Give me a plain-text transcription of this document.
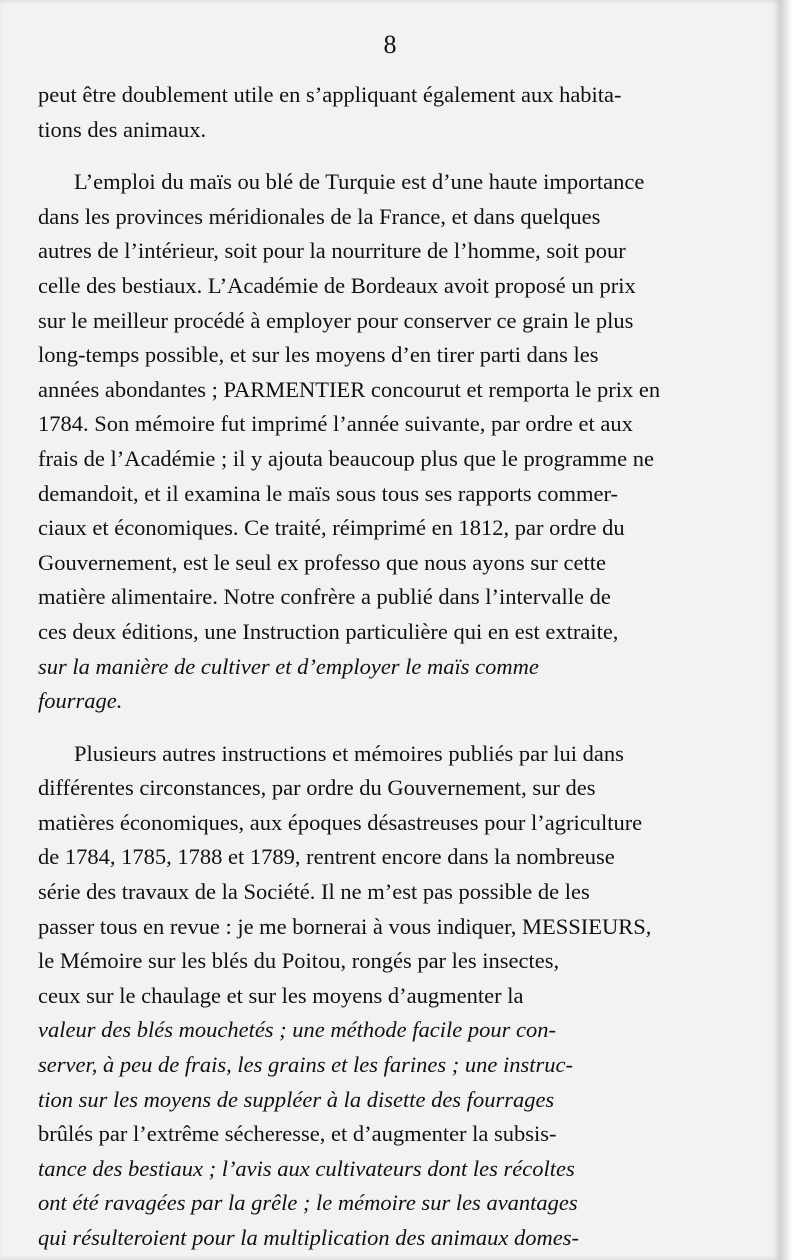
8
peut être doublement utile en s’appliquant également aux habita-
tions des animaux.
L’emploi du maïs ou blé de Turquie est d’une haute importance
dans les provinces méridionales de la France, et dans quelques
autres de l’intérieur, soit pour la nourriture de l’homme, soit pour
celle des bestiaux. L’Académie de Bordeaux avoit proposé un prix
sur le meilleur procédé à employer pour conserver ce grain le plus
long-temps possible, et sur les moyens d’en tirer parti dans les
années abondantes ; PARMENTIER concourut et remporta le prix en
1784. Son mémoire fut imprimé l’année suivante, par ordre et aux
frais de l’Académie ; il y ajouta beaucoup plus que le programme ne
demandoit, et il examina le maïs sous tous ses rapports commer-
ciaux et économiques. Ce traité, réimprimé en 1812, par ordre du
Gouvernement, est le seul ex professo que nous ayons sur cette
matière alimentaire. Notre confrère a publié dans l’intervalle de
ces deux éditions, une Instruction particulière qui en est extraite,
sur la manière de cultiver et d’employer le maïs comme
fourrage.
Plusieurs autres instructions et mémoires publiés par lui dans
différentes circonstances, par ordre du Gouvernement, sur des
matières économiques, aux époques désastreuses pour l’agriculture
de 1784, 1785, 1788 et 1789, rentrent encore dans la nombreuse
série des travaux de la Société. Il ne m’est pas possible de les
passer tous en revue : je me bornerai à vous indiquer, MESSIEURS,
le Mémoire sur les blés du Poitou, rongés par les insectes,
ceux sur le chaulage et sur les moyens d’augmenter la
valeur des blés mouchetés ; une méthode facile pour con-
server, à peu de frais, les grains et les farines ; une instruc-
tion sur les moyens de suppléer à la disette des fourrages
brûlés par l’extrême sécheresse, et d’augmenter la subsis-
tance des bestiaux ; l’avis aux cultivateurs dont les récoltes
ont été ravagées par la grêle ; le mémoire sur les avantages
qui résulteroient pour la multiplication des animaux domes-
